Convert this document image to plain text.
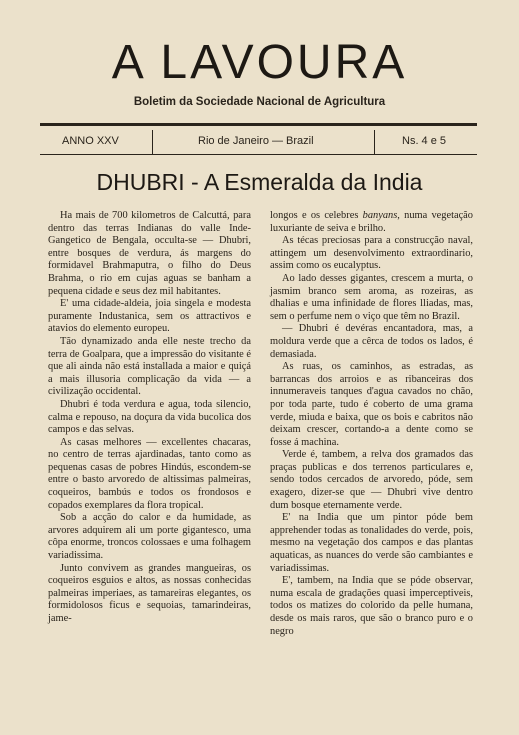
A LAVOURA
Boletim da Sociedade Nacional de Agricultura
ANNO XXV	Rio de Janeiro — Brazil	Ns. 4 e 5
DHUBRI - A Esmeralda da India

Ha mais de 700 kilometros de Calcuttá, para dentro das terras Indianas do valle Inde-Gangetico de Bengala, occulta-se — Dhubri, entre bosques de verdura, ás margens do formidavel Brahmaputra, o filho do Deus Brahma, o rio em cujas aguas se banham a pequena cidade e seus dez mil habitantes.

E' uma cidade-aldeia, joia singela e modesta puramente Industanica, sem os attractivos e atavios do elemento europeu.

Tão dynamizado anda elle neste trecho da terra de Goalpara, que a impressão do visitante é que ali ainda não está installada a maior e quiçá a mais illusoria complicação da vida — a civilização occidental.

Dhubri é toda verdura e agua, toda silencio, calma e repouso, na doçura da vida bucolica dos campos e das selvas.

As casas melhores — excellentes chacaras, no centro de terras ajardinadas, tanto como as pequenas casas de pobres Hindús, escondem-se entre o basto arvoredo de altissimas palmeiras, coqueiros, bambús e todos os frondosos e copados exemplares da flora tropical.

Sob a acção do calor e da humidade, as arvores adquirem ali um porte gigantesco, uma côpa enorme, troncos colossaes e uma folhagem variadissima.

Junto convivem as grandes mangueiras, os coqueiros esguios e altos, as nossas conhecidas palmeiras imperiaes, as tamareiras elegantes, os formidolosos ficus e sequoias, tamarindeiras, jame-

longos e os celebres banyans, numa vegetação luxuriante de seiva e brilho.

As técas preciosas para a construcção naval, attingem um desenvolvimento extraordinario, assim como os eucalyptus.

Ao lado desses gigantes, crescem a murta, o jasmim branco sem aroma, as rozeiras, as dhalias e uma infinidade de flores lliadas, mas, sem o perfume nem o viço que têm no Brazil.

— Dhubri é devéras encantadora, mas, a moldura verde que a cêrca de todos os lados, é demasiada.

As ruas, os caminhos, as estradas, as barrancas dos arroios e as ribanceiras dos innumeraveis tanques d'agua cavados no chão, por toda parte, tudo é coberto de uma grama verde, miuda e baixa, que os bois e cabritos não deixam crescer, cortando-a a dente como se fosse á machina.

Verde é, tambem, a relva dos gramados das praças publicas e dos terrenos particulares e, sendo todos cercados de arvoredo, póde, sem exagero, dizer-se que — Dhubri vive dentro dum bosque eternamente verde.

E' na India que um pintor póde bem apprehender todas as tonalidades do verde, pois, mesmo na vegetação dos campos e das plantas aquaticas, as nuances do verde são cambiantes e variadissimas.

E', tambem, na India que se póde observar, numa escala de gradações quasi imperceptiveis, todos os matizes do colorido da pelle humana, desde os mais raros, que são o branco puro e o negro
